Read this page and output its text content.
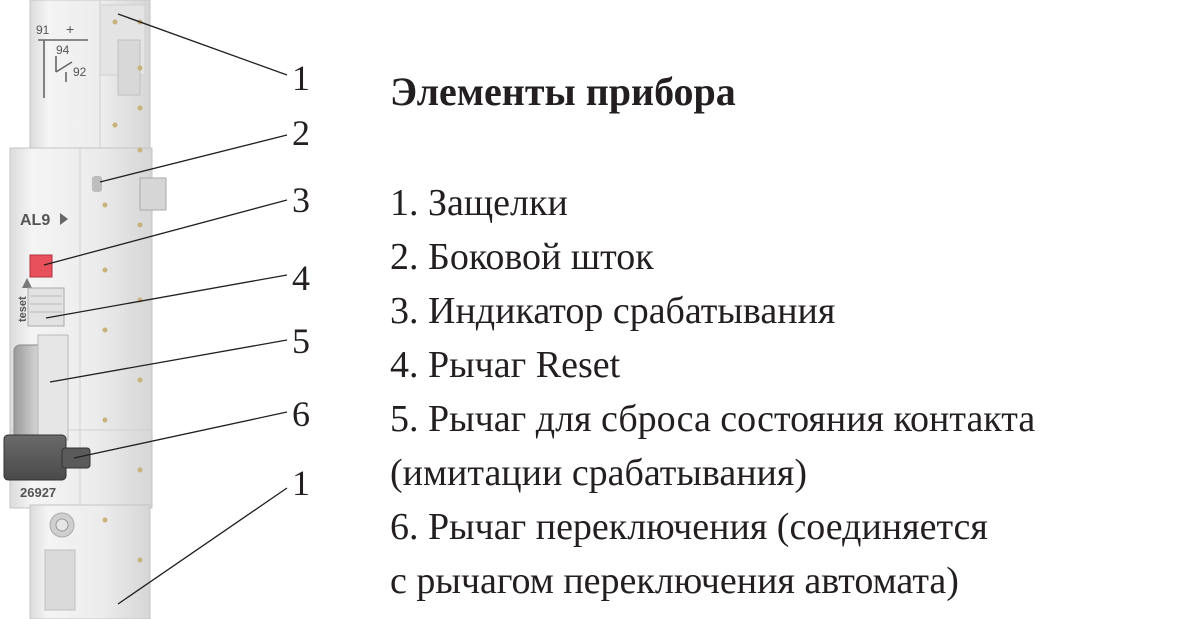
91 +
94
92
AL9
teset
26927
1
2
3
4
5
6
1
Элементы прибора
1. Защелки
2. Боковой шток
3. Индикатор срабатывания
4. Рычаг Reset
5. Рычаг для сброса состояния контакта
(имитации срабатывания)
6. Рычаг переключения (соединяется
с рычагом переключения автомата)
